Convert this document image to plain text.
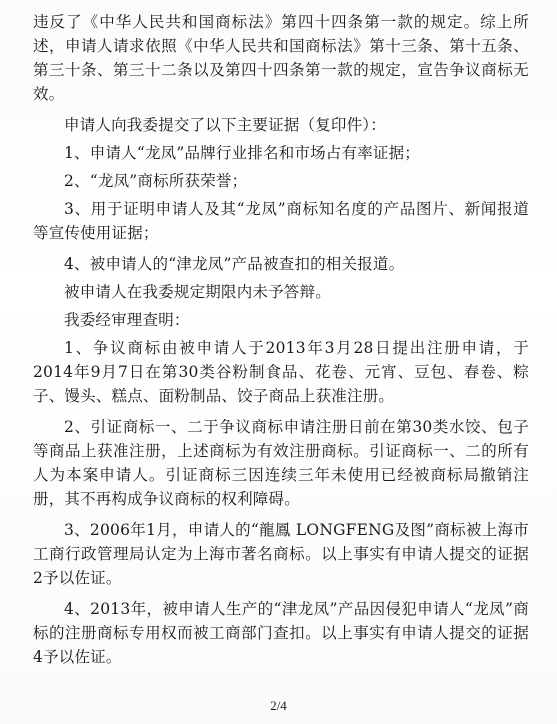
违反了《中华人民共和国商标法》第四十四条第一款的规定。综上所述，申请人请求依照《中华人民共和国商标法》第十三条、第十五条、第三十条、第三十二条以及第四十四条第一款的规定，宣告争议商标无效。

申请人向我委提交了以下主要证据（复印件）：

1、申请人“龙凤”品牌行业排名和市场占有率证据；

2、“龙凤”商标所获荣誉；

3、用于证明申请人及其“龙凤”商标知名度的产品图片、新闻报道等宣传使用证据；

4、被申请人的“津龙凤”产品被查扣的相关报道。

被申请人在我委规定期限内未予答辩。

我委经审理查明：

1、争议商标由被申请人于2013年3月28日提出注册申请，于2014年9月7日在第30类谷粉制食品、花卷、元宵、豆包、春卷、粽子、馒头、糕点、面粉制品、饺子商品上获准注册。

2、引证商标一、二于争议商标申请注册日前在第30类水饺、包子等商品上获准注册，上述商标为有效注册商标。引证商标一、二的所有人为本案申请人。引证商标三因连续三年未使用已经被商标局撤销注册，其不再构成争议商标的权利障碍。

3、2006年1月，申请人的“龍鳳 LONGFENG及图”商标被上海市工商行政管理局认定为上海市著名商标。以上事实有申请人提交的证据2予以佐证。

4、2013年，被申请人生产的“津龙凤”产品因侵犯申请人“龙凤”商标的注册商标专用权而被工商部门查扣。以上事实有申请人提交的证据4予以佐证。

2/4
